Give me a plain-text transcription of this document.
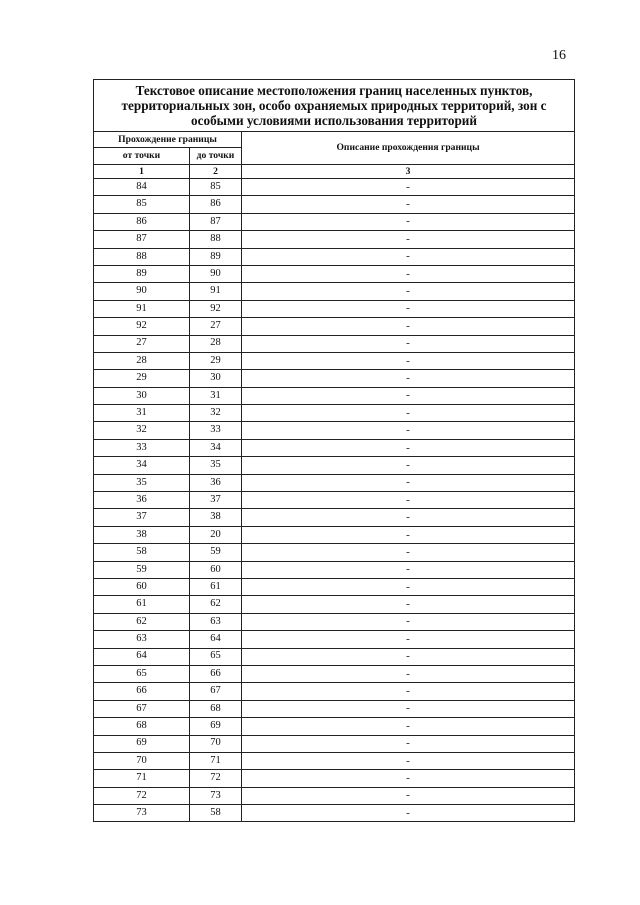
16
Текстовое описание местоположения границ населенных пунктов, территориальных зон, особо охраняемых природных территорий, зон с особыми условиями использования территорий		
Прохождение границы		Описание прохождения границы
от точки	до точки	
1	2	3
84	85	-
85	86	-
86	87	-
87	88	-
88	89	-
89	90	-
90	91	-
91	92	-
92	27	-
27	28	-
28	29	-
29	30	-
30	31	-
31	32	-
32	33	-
33	34	-
34	35	-
35	36	-
36	37	-
37	38	-
38	20	-
58	59	-
59	60	-
60	61	-
61	62	-
62	63	-
63	64	-
64	65	-
65	66	-
66	67	-
67	68	-
68	69	-
69	70	-
70	71	-
71	72	-
72	73	-
73	58	-
